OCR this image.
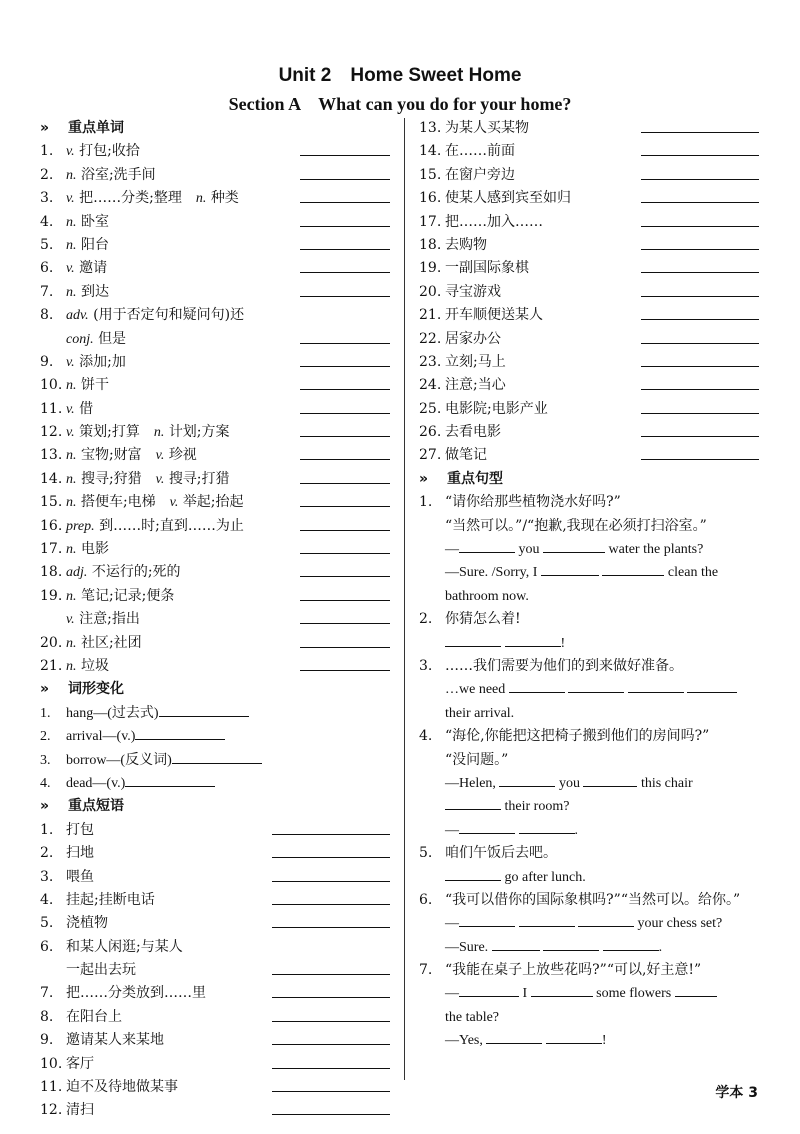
Unit 2　Home Sweet Home
Section A　What can you do for your home?
» 重点单词
1. v. 打包;收拾
2. n. 浴室;洗手间
3. v. 把……分类;整理　 n. 种类
4. n. 卧室
5. n. 阳台
6. v. 邀请
7. n. 到达
8. adv. (用于否定句和疑问句)还
conj. 但是
9. v. 添加;加
10. n. 饼干
11. v. 借
12. v. 策划;打算　 n. 计划;方案
13. n. 宝物;财富　 v. 珍视
14. n. 搜寻;狩猎　 v. 搜寻;打猎
15. n. 搭便车;电梯　 v. 举起;抬起
16. prep. 到……时;直到……为止
17. n. 电影
18. adj. 不运行的;死的
19. n. 笔记;记录;便条
v. 注意;指出
20. n. 社区;社团
21. n. 垃圾
» 词形变化
1. hang—(过去式)
2. arrival—(v.)
3. borrow—(反义词)
4. dead—(v.)
» 重点短语
1. 打包
2. 扫地
3. 喂鱼
4. 挂起;挂断电话
5. 浇植物
6. 和某人闲逛;与某人
一起出去玩
7. 把……分类放到……里
8. 在阳台上
9. 邀请某人来某地
10. 客厅
11. 迫不及待地做某事
12. 清扫
13. 为某人买某物
14. 在……前面
15. 在窗户旁边
16. 使某人感到宾至如归
17. 把……加入……
18. 去购物
19. 一副国际象棋
20. 寻宝游戏
21. 开车顺便送某人
22. 居家办公
23. 立刻;马上
24. 注意;当心
25. 电影院;电影产业
26. 去看电影
27. 做笔记
» 重点句型
1. “请你给那些植物浇水好吗?”
“当然可以。”/“抱歉,我现在必须打扫浴室。”
—	you	water the plants?
—Sure. /Sorry, I	clean the
bathroom now.
2. 你猜怎么着!
!
3. ……我们需要为他们的到来做好准备。
…we need
their arrival.
4. “海伦,你能把这把椅子搬到他们的房间吗?”
“没问题。”
—Helen,	you	this chair
their room?
—	.
5. 咱们午饭后去吧。
go after lunch.
6. “我可以借你的国际象棋吗?”“当然可以。给你。”
—	your chess set?
—Sure.	.
7. “我能在桌子上放些花吗?”“可以,好主意!”
—	I	some flowers
the table?
—Yes,	!
学本 3
